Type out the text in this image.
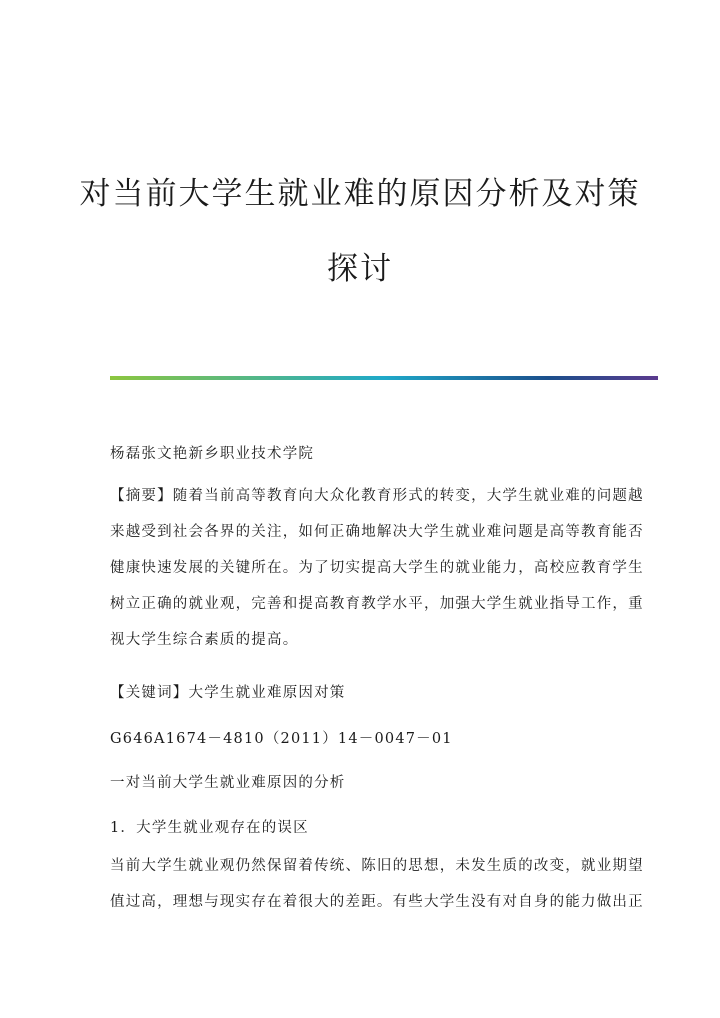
对当前大学生就业难的原因分析及对策
探讨

杨磊张文艳新乡职业技术学院

【摘要】随着当前高等教育向大众化教育形式的转变，大学生就业难的问题越
来越受到社会各界的关注，如何正确地解决大学生就业难问题是高等教育能否
健康快速发展的关键所在。为了切实提高大学生的就业能力，高校应教育学生
树立正确的就业观，完善和提高教育教学水平，加强大学生就业指导工作，重
视大学生综合素质的提高。

【关键词】大学生就业难原因对策

G646A1674－4810（2011）14－0047－01

一对当前大学生就业难原因的分析

1．大学生就业观存在的误区

当前大学生就业观仍然保留着传统、陈旧的思想，未发生质的改变，就业期望
值过高，理想与现实存在着很大的差距。有些大学生没有对自身的能力做出正
